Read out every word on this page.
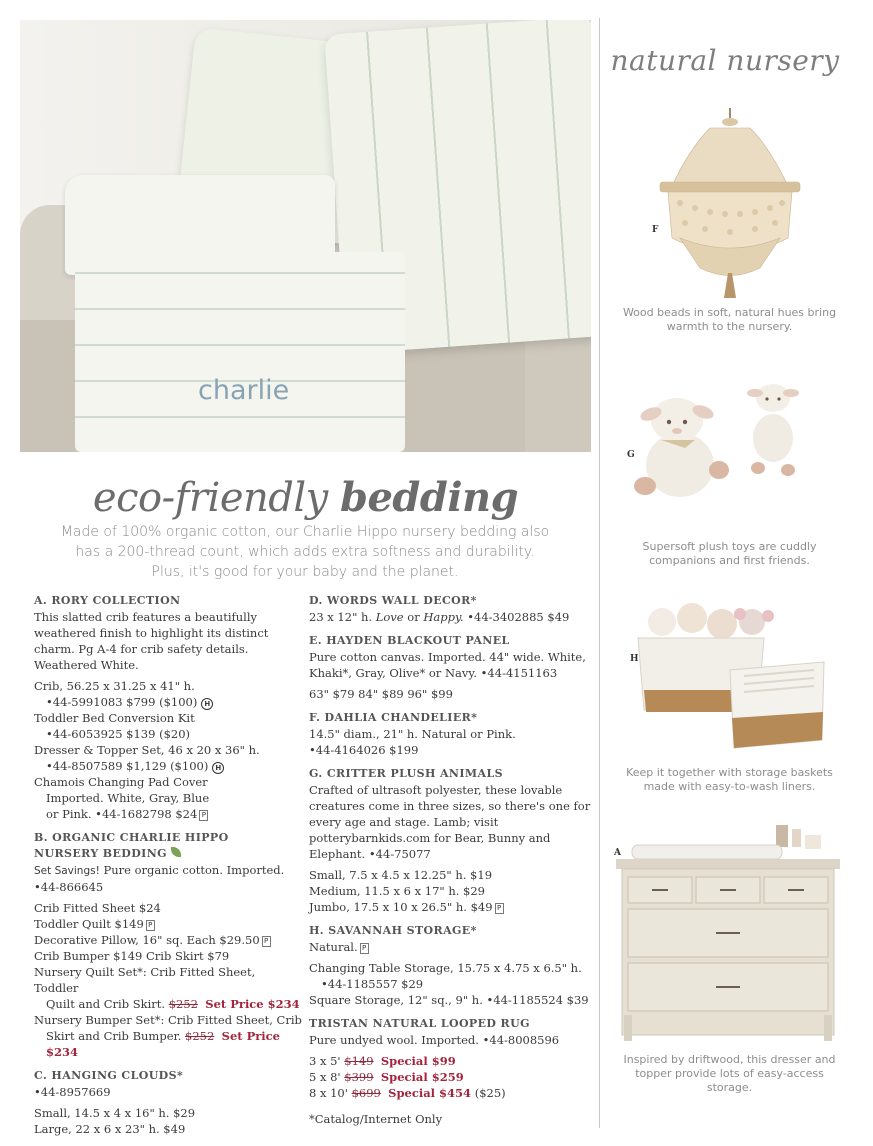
charlie
eco-friendly bedding
Made of 100% organic cotton, our Charlie Hippo nursery bedding also has a 200-thread count, which adds extra softness and durability. Plus, it's good for your baby and the planet.
A. RORY COLLECTION
This slatted crib features a beautifully weathered finish to highlight its distinct charm. Pg A-4 for crib safety details. Weathered White.
Crib, 56.25 x 31.25 x 41" h.
•44-5991083 $799 ($100) H
Toddler Bed Conversion Kit
•44-6053925 $139 ($20)
Dresser & Topper Set, 46 x 20 x 36" h.
•44-8507589 $1,129 ($100) H
Chamois Changing Pad Cover
Imported. White, Gray, Blue
or Pink. •44-1682798 $24 P
B. ORGANIC CHARLIE HIPPO
NURSERY BEDDING
Set Savings! Pure organic cotton. Imported.
•44-866645
Crib Fitted Sheet $24
Toddler Quilt $149 P
Decorative Pillow, 16" sq. Each $29.50 P
Crib Bumper $149 Crib Skirt $79
Nursery Quilt Set*: Crib Fitted Sheet, Toddler
Quilt and Crib Skirt. $252 Set Price $234
Nursery Bumper Set*: Crib Fitted Sheet, Crib
Skirt and Crib Bumper. $252 Set Price $234
C. HANGING CLOUDS*
•44-8957669
Small, 14.5 x 4 x 16" h. $29
Large, 22 x 6 x 23" h. $49
D. WORDS WALL DECOR*
23 x 12" h. Love or Happy. •44-3402885 $49
E. HAYDEN BLACKOUT PANEL
Pure cotton canvas. Imported. 44" wide. White, Khaki*, Gray, Olive* or Navy. •44-4151163
63" $79 84" $89 96" $99
F. DAHLIA CHANDELIER*
14.5" diam., 21" h. Natural or Pink.
•44-4164026 $199
G. CRITTER PLUSH ANIMALS
Crafted of ultrasoft polyester, these lovable creatures come in three sizes, so there's one for every age and stage. Lamb; visit potterybarnkids.com for Bear, Bunny and Elephant. •44-75077
Small, 7.5 x 4.5 x 12.25" h. $19
Medium, 11.5 x 6 x 17" h. $29
Jumbo, 17.5 x 10 x 26.5" h. $49 P
H. SAVANNAH STORAGE*
Natural. P
Changing Table Storage, 15.75 x 4.75 x 6.5" h.
•44-1185557 $29
Square Storage, 12" sq., 9" h. •44-1185524 $39
TRISTAN NATURAL LOOPED RUG
Pure undyed wool. Imported. •44-8008596
3 x 5' $149 Special $99
5 x 8' $399 Special $259
8 x 10' $699 Special $454 ($25)
*Catalog/Internet Only
natural nursery
F
Wood beads in soft, natural hues bring warmth to the nursery.
G
Supersoft plush toys are cuddly companions and first friends.
H
Keep it together with storage baskets made with easy-to-wash liners.
A
Inspired by driftwood, this dresser and topper provide lots of easy-access storage.
